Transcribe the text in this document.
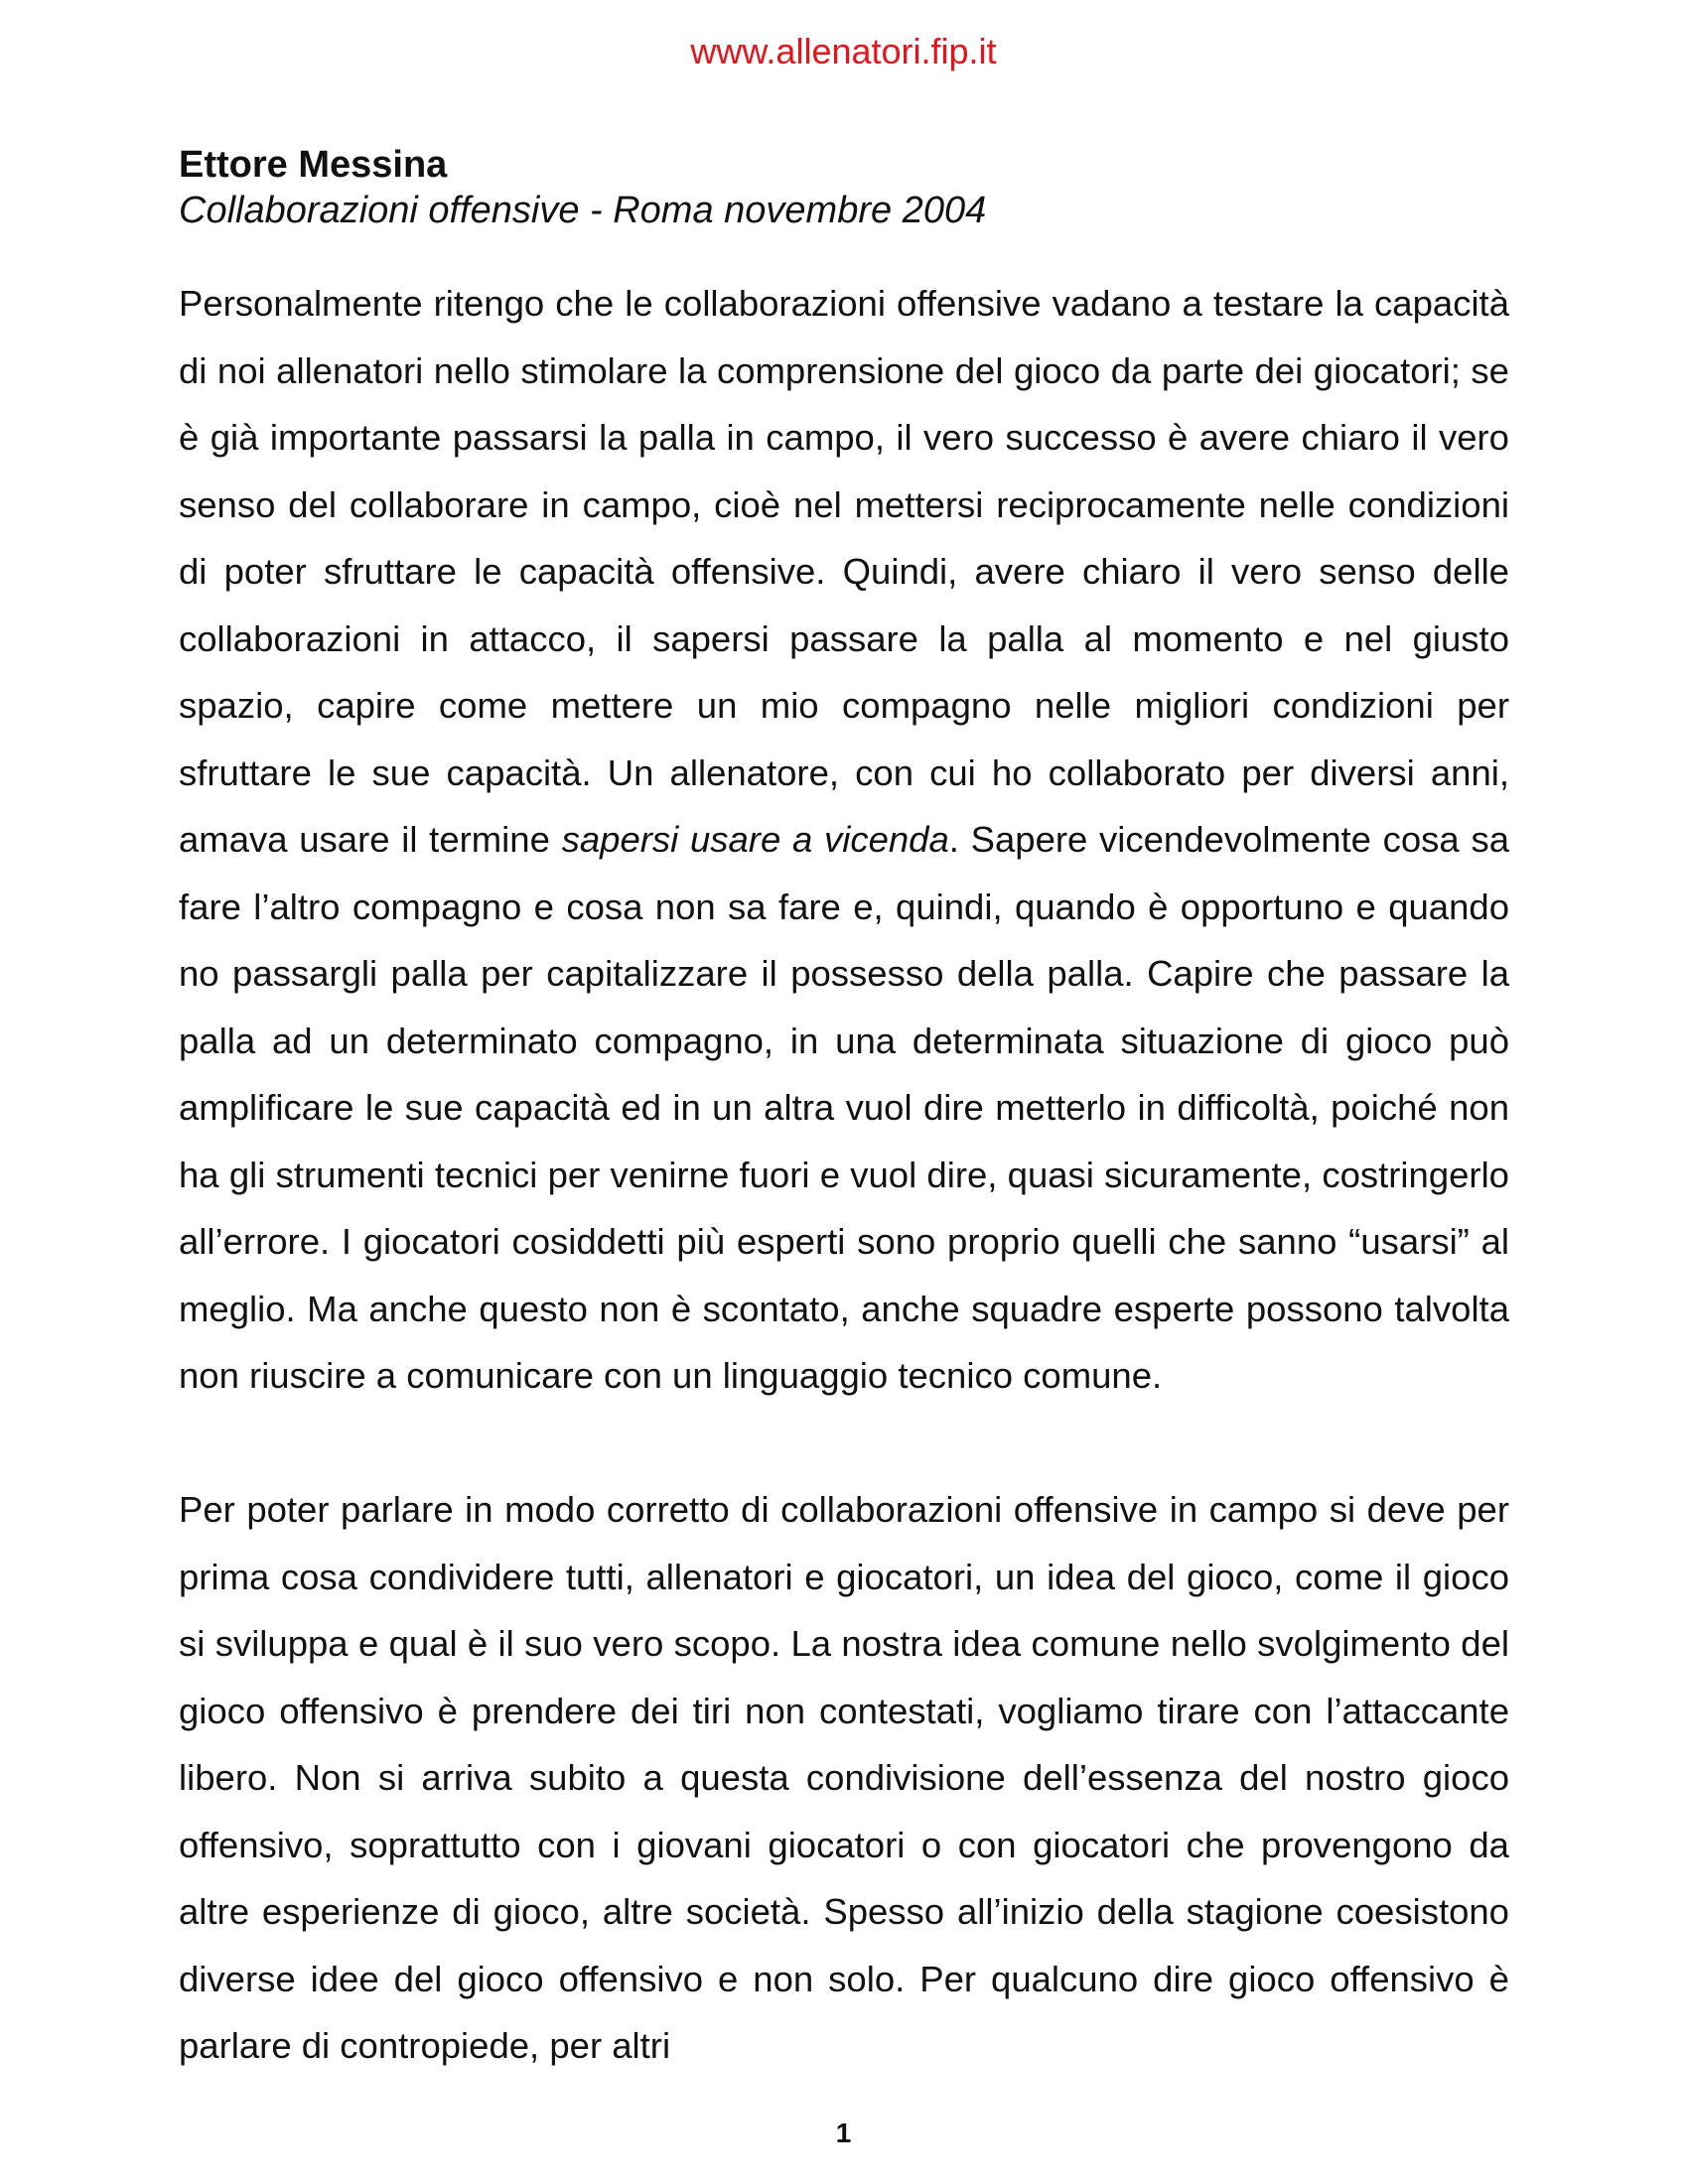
www.allenatori.fip.it
Ettore Messina
Collaborazioni offensive - Roma novembre 2004

Personalmente ritengo che le collaborazioni offensive vadano a testare la capacità di noi allenatori nello stimolare la comprensione del gioco da parte dei giocatori; se è già importante passarsi la palla in campo, il vero successo è avere chiaro il vero senso del collaborare in campo, cioè nel mettersi reciprocamente nelle condizioni di poter sfruttare le capacità offensive. Quindi, avere chiaro il vero senso delle collaborazioni in attacco, il sapersi passare la palla al momento e nel giusto spazio, capire come mettere un mio compagno nelle migliori condizioni per sfruttare le sue capacità. Un allenatore, con cui ho collaborato per diversi anni, amava usare il termine sapersi usare a vicenda. Sapere vicendevolmente cosa sa fare l’altro compagno e cosa non sa fare e, quindi, quando è opportuno e quando no passargli palla per capitalizzare il possesso della palla. Capire che passare la palla ad un determinato compagno, in una determinata situazione di gioco può amplificare le sue capacità ed in un altra vuol dire metterlo in difficoltà, poiché non ha gli strumenti tecnici per venirne fuori e vuol dire, quasi sicuramente, costringerlo all’errore. I giocatori cosiddetti più esperti sono proprio quelli che sanno “usarsi” al meglio. Ma anche questo non è scontato, anche squadre esperte possono talvolta non riuscire a comunicare con un linguaggio tecnico comune.

Per poter parlare in modo corretto di collaborazioni offensive in campo si deve per prima cosa condividere tutti, allenatori e giocatori, un idea del gioco, come il gioco si sviluppa e qual è il suo vero scopo. La nostra idea comune nello svolgimento del gioco offensivo è prendere dei tiri non contestati, vogliamo tirare con l’attaccante libero. Non si arriva subito a questa condivisione dell’essenza del nostro gioco offensivo, soprattutto con i giovani giocatori o con giocatori che provengono da altre esperienze di gioco, altre società. Spesso all’inizio della stagione coesistono diverse idee del gioco offensivo e non solo. Per qualcuno dire gioco offensivo è parlare di contropiede, per altri

1
